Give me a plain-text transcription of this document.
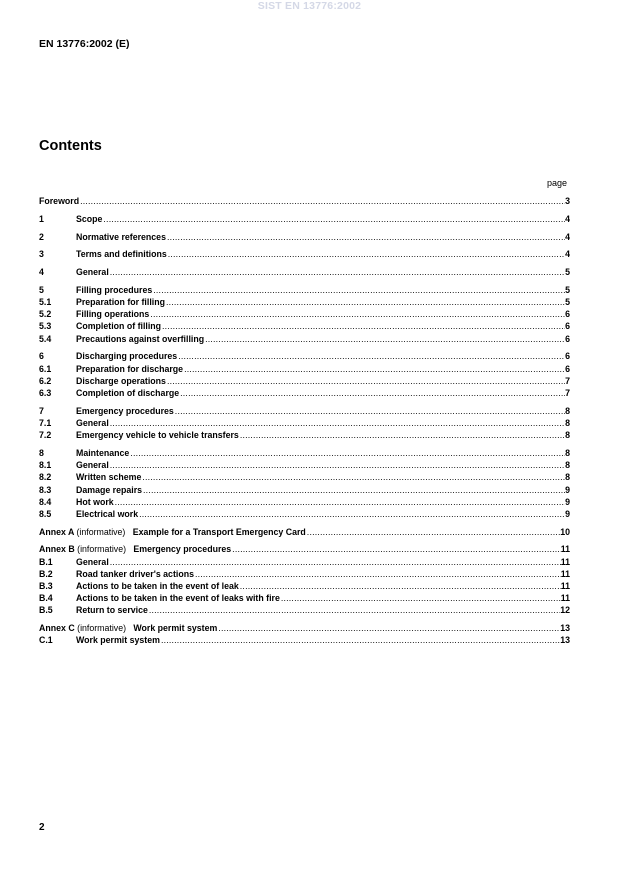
SIST EN 13776:2002
EN 13776:2002 (E)
Contents
page
Foreword .....	3
1	Scope .....	4
2	Normative references .....	4
3	Terms and definitions .....	4
4	General .....	5
5	Filling procedures .....	5
5.1	Preparation for filling .....	5
5.2	Filling operations .....	6
5.3	Completion of filling .....	6
5.4	Precautions against overfilling .....	6
6	Discharging procedures .....	6
6.1	Preparation for discharge .....	6
6.2	Discharge operations .....	7
6.3	Completion of discharge .....	7
7	Emergency procedures .....	8
7.1	General .....	8
7.2	Emergency vehicle to vehicle transfers .....	8
8	Maintenance .....	8
8.1	General .....	8
8.2	Written scheme .....	8
8.3	Damage repairs .....	9
8.4	Hot work .....	9
8.5	Electrical work .....	9
Annex A (informative) Example for a Transport Emergency Card .....	10
Annex B (informative) Emergency procedures .....	11
B.1	General .....	11
B.2	Road tanker driver's actions .....	11
B.3	Actions to be taken in the event of leak .....	11
B.4	Actions to be taken in the event of leaks with fire .....	11
B.5	Return to service .....	12
Annex C (informative) Work permit system .....	13
C.1	Work permit system .....	13
2
